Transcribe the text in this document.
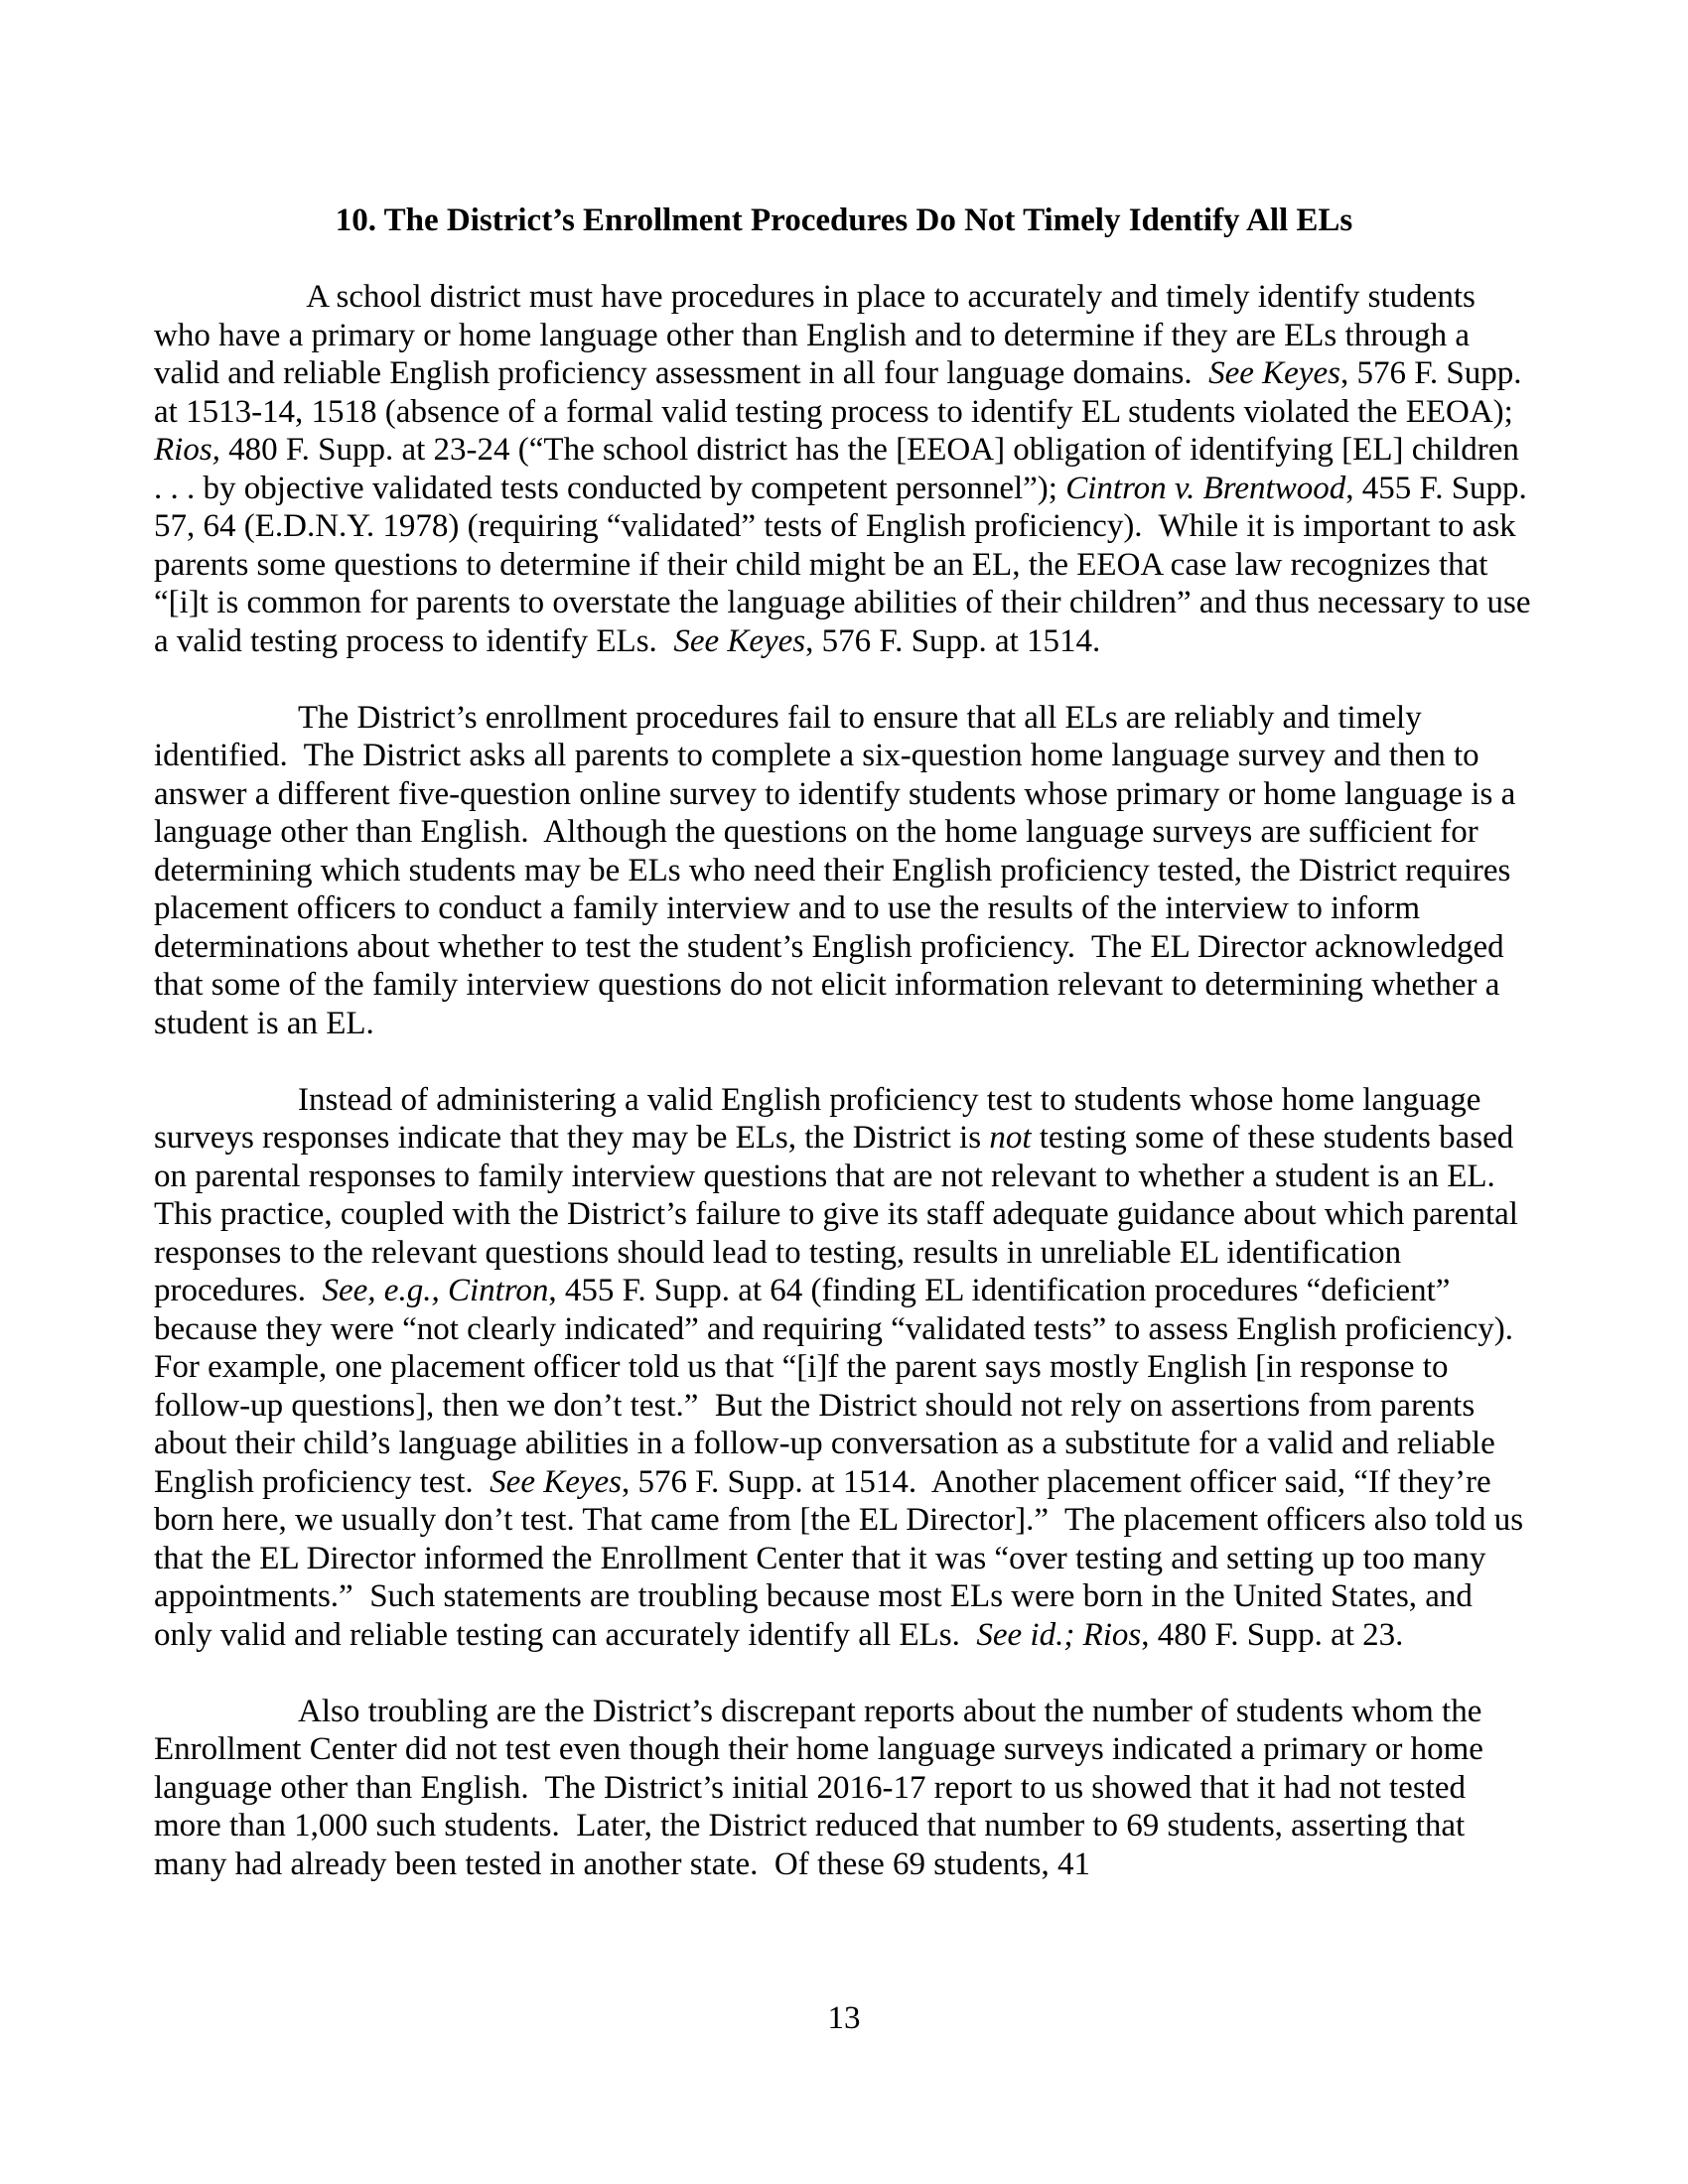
10. The District’s Enrollment Procedures Do Not Timely Identify All ELs

A school district must have procedures in place to accurately and timely identify students who have a primary or home language other than English and to determine if they are ELs through a valid and reliable English proficiency assessment in all four language domains.  See Keyes, 576 F. Supp. at 1513-14, 1518 (absence of a formal valid testing process to identify EL students violated the EEOA); Rios, 480 F. Supp. at 23-24 (“The school district has the [EEOA] obligation of identifying [EL] children . . . by objective validated tests conducted by competent personnel”); Cintron v. Brentwood, 455 F. Supp. 57, 64 (E.D.N.Y. 1978) (requiring “validated” tests of English proficiency).  While it is important to ask parents some questions to determine if their child might be an EL, the EEOA case law recognizes that “[i]t is common for parents to overstate the language abilities of their children” and thus necessary to use a valid testing process to identify ELs.  See Keyes, 576 F. Supp. at 1514.

The District’s enrollment procedures fail to ensure that all ELs are reliably and timely identified.  The District asks all parents to complete a six-question home language survey and then to answer a different five-question online survey to identify students whose primary or home language is a language other than English.  Although the questions on the home language surveys are sufficient for determining which students may be ELs who need their English proficiency tested, the District requires placement officers to conduct a family interview and to use the results of the interview to inform determinations about whether to test the student’s English proficiency.  The EL Director acknowledged that some of the family interview questions do not elicit information relevant to determining whether a student is an EL.

Instead of administering a valid English proficiency test to students whose home language surveys responses indicate that they may be ELs, the District is not testing some of these students based on parental responses to family interview questions that are not relevant to whether a student is an EL.  This practice, coupled with the District’s failure to give its staff adequate guidance about which parental responses to the relevant questions should lead to testing, results in unreliable EL identification procedures.  See, e.g., Cintron, 455 F. Supp. at 64 (finding EL identification procedures “deficient” because they were “not clearly indicated” and requiring “validated tests” to assess English proficiency).  For example, one placement officer told us that “[i]f the parent says mostly English [in response to follow-up questions], then we don’t test.”  But the District should not rely on assertions from parents about their child’s language abilities in a follow-up conversation as a substitute for a valid and reliable English proficiency test.  See Keyes, 576 F. Supp. at 1514.  Another placement officer said, “If they’re born here, we usually don’t test. That came from [the EL Director].”  The placement officers also told us that the EL Director informed the Enrollment Center that it was “over testing and setting up too many appointments.”  Such statements are troubling because most ELs were born in the United States, and only valid and reliable testing can accurately identify all ELs.  See id.; Rios, 480 F. Supp. at 23.

Also troubling are the District’s discrepant reports about the number of students whom the Enrollment Center did not test even though their home language surveys indicated a primary or home language other than English.  The District’s initial 2016-17 report to us showed that it had not tested more than 1,000 such students.  Later, the District reduced that number to 69 students, asserting that many had already been tested in another state.  Of these 69 students, 41

13
